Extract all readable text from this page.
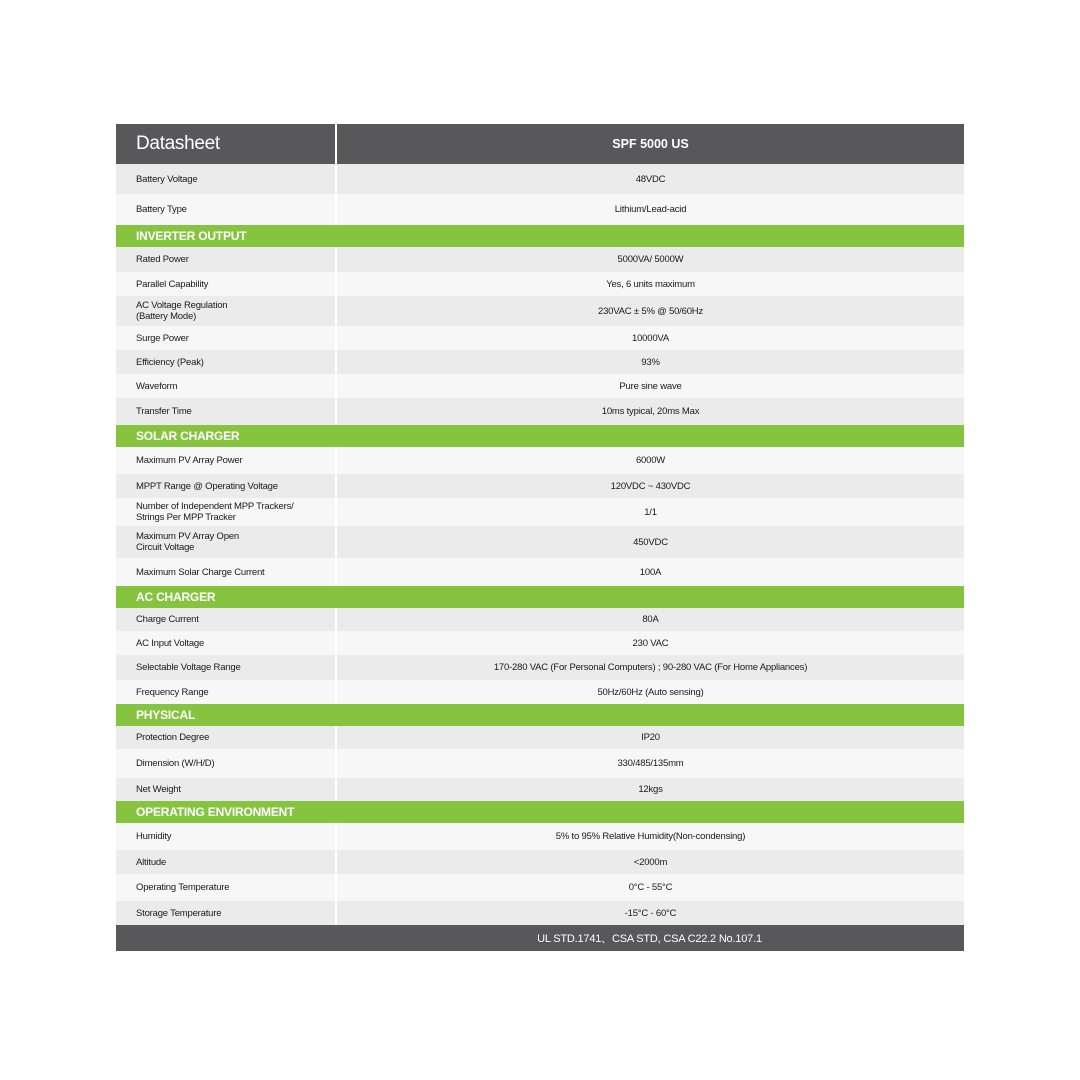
Datasheet	SPF 5000 US
Battery Voltage	48VDC
Battery Type	Lithium/Lead-acid
INVERTER OUTPUT
Rated Power	5000VA/ 5000W
Parallel Capability	Yes, 6 units maximum
AC Voltage Regulation
(Battery Mode)	230VAC ± 5% @ 50/60Hz
Surge Power	10000VA
Efficiency (Peak)	93%
Waveform	Pure sine wave
Transfer Time	10ms typical, 20ms Max
SOLAR CHARGER
Maximum PV Array Power	6000W
MPPT Range @ Operating Voltage	120VDC ~ 430VDC
Number of Independent MPP Trackers/
Strings Per MPP Tracker	1/1
Maximum PV Array Open
Circuit Voltage	450VDC
Maximum Solar Charge Current	100A
AC CHARGER
Charge Current	80A
AC Input Voltage	230 VAC
Selectable Voltage Range	170-280 VAC (For Personal Computers) ; 90-280 VAC (For Home Appliances)
Frequency Range	50Hz/60Hz (Auto sensing)
PHYSICAL
Protection Degree	IP20
Dimension (W/H/D)	330/485/135mm
Net Weight	12kgs
OPERATING ENVIRONMENT
Humidity	5% to 95% Relative Humidity(Non-condensing)
Altitude	<2000m
Operating Temperature	0°C - 55°C
Storage Temperature	-15°C - 60°C
UL STD.1741、CSA STD, CSA C22.2 No.107.1
